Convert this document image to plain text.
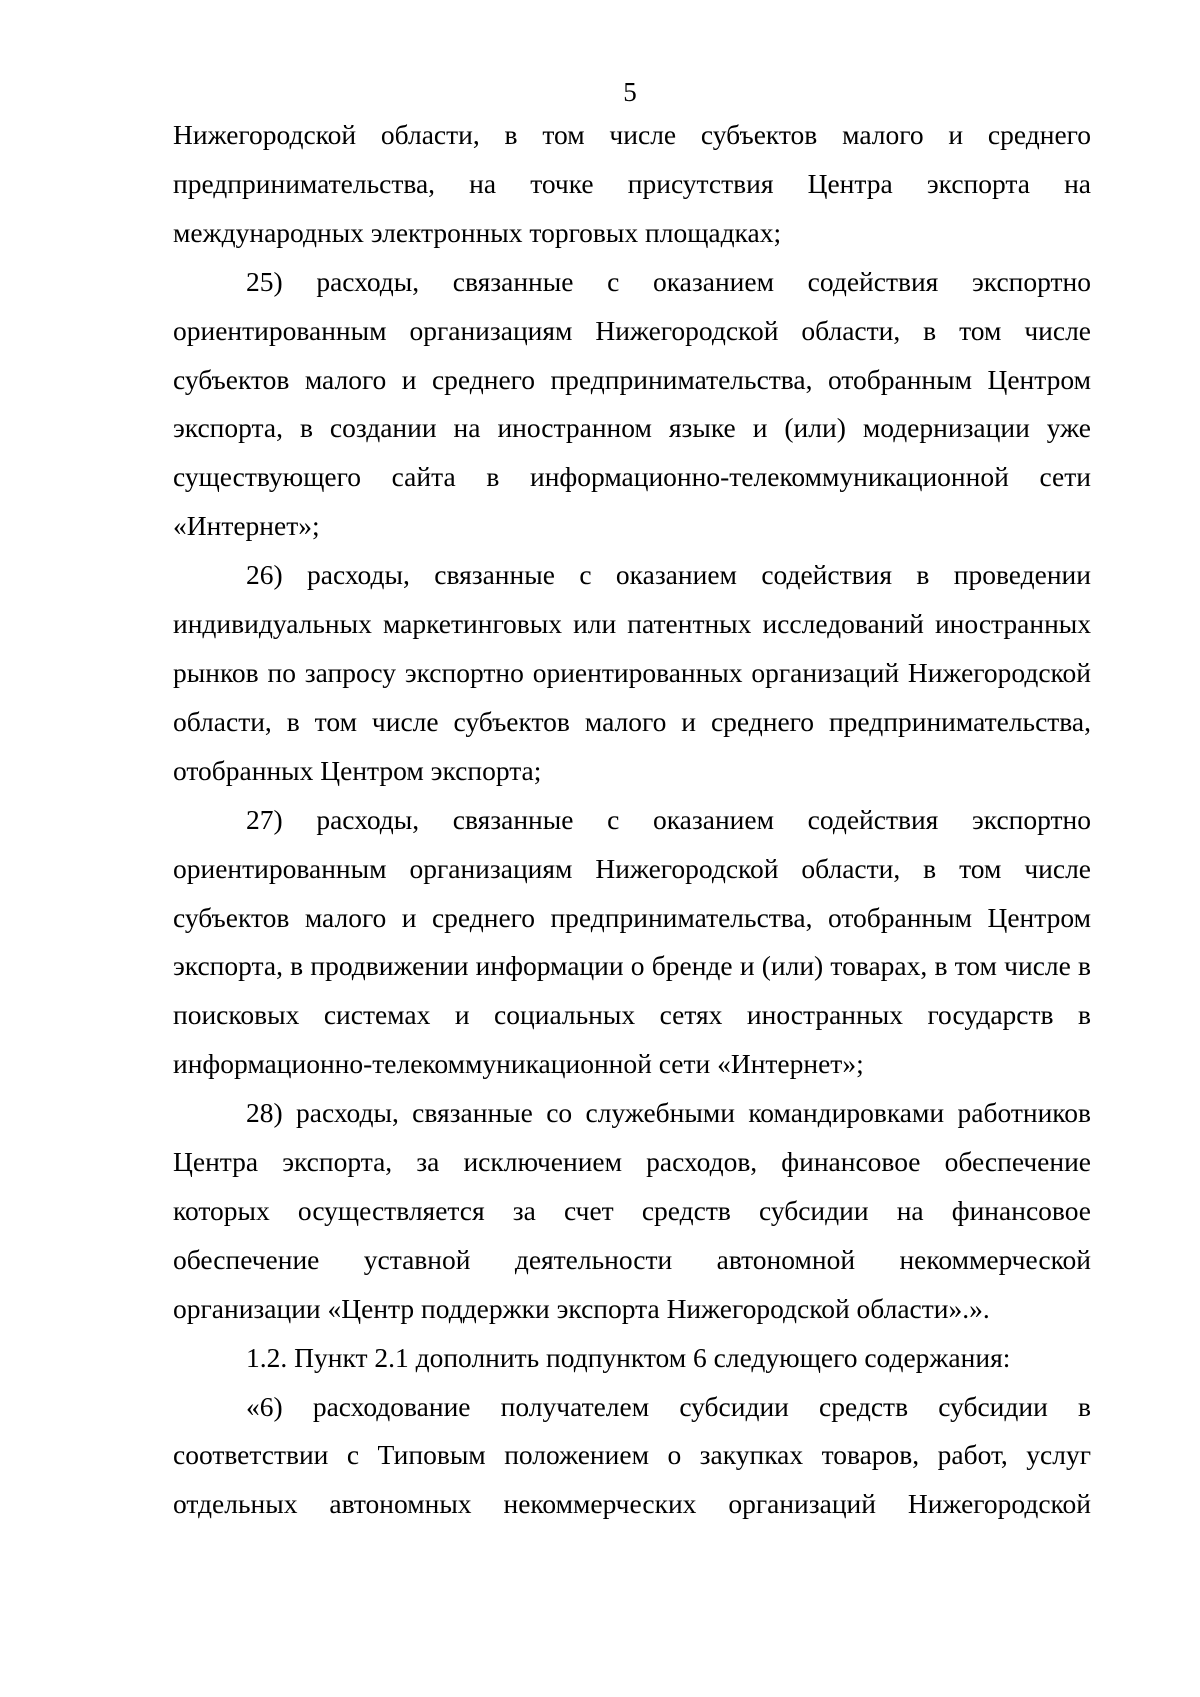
5

Нижегородской области, в том числе субъектов малого и среднего предпринимательства, на точке присутствия Центра экспорта на международных электронных торговых площадках;

25) расходы, связанные с оказанием содействия экспортно ориентированным организациям Нижегородской области, в том числе субъектов малого и среднего предпринимательства, отобранным Центром экспорта, в создании на иностранном языке и (или) модернизации уже существующего сайта в информационно-телекоммуникационной сети «Интернет»;

26) расходы, связанные с оказанием содействия в проведении индивидуальных маркетинговых или патентных исследований иностранных рынков по запросу экспортно ориентированных организаций Нижегородской области, в том числе субъектов малого и среднего предпринимательства, отобранных Центром экспорта;

27) расходы, связанные с оказанием содействия экспортно ориентированным организациям Нижегородской области, в том числе субъектов малого и среднего предпринимательства, отобранным Центром экспорта, в продвижении информации о бренде и (или) товарах, в том числе в поисковых системах и социальных сетях иностранных государств в информационно-телекоммуникационной сети «Интернет»;

28) расходы, связанные со служебными командировками работников Центра экспорта, за исключением расходов, финансовое обеспечение которых осуществляется за счет средств субсидии на финансовое обеспечение уставной деятельности автономной некоммерческой организации «Центр поддержки экспорта Нижегородской области».».

1.2. Пункт 2.1 дополнить подпунктом 6 следующего содержания:

«6) расходование получателем субсидии средств субсидии в соответствии с Типовым положением о закупках товаров, работ, услуг отдельных автономных некоммерческих организаций Нижегородской
